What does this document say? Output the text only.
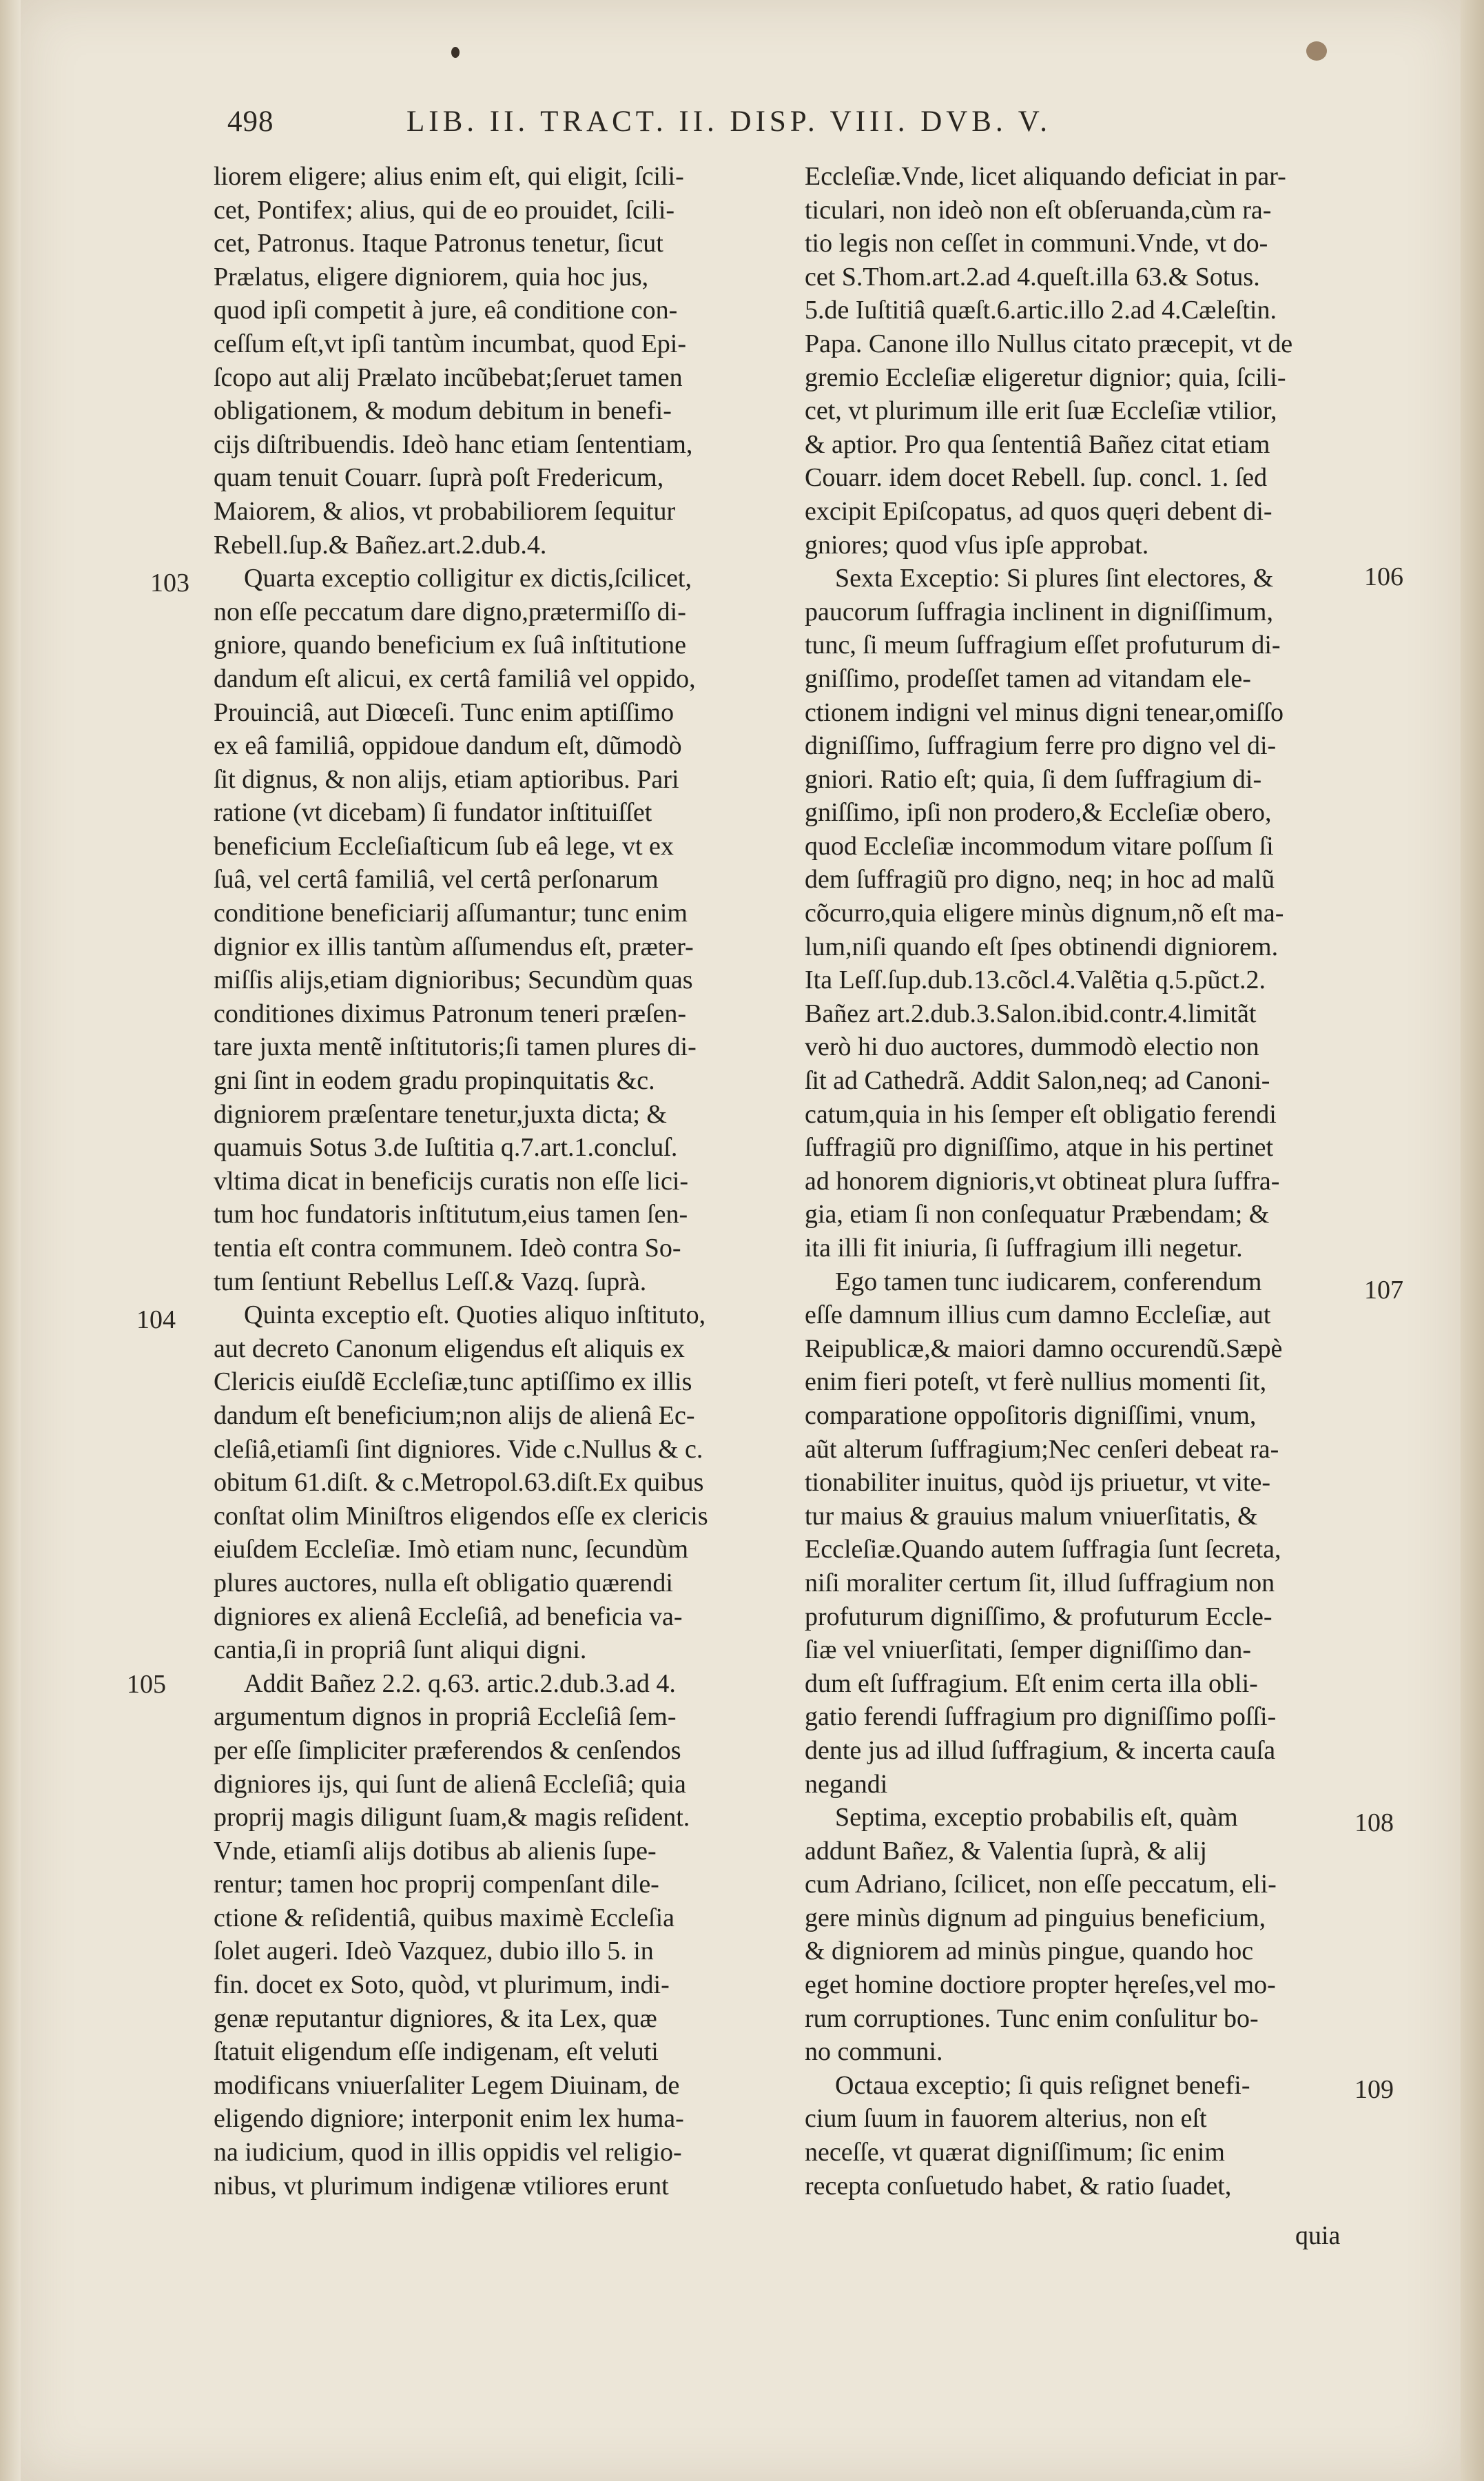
498	LIB. II. TRACT. II. DISP. VIII. DVB. V.
liorem eligere; alius enim eſt, qui eligit, ſcili-
cet, Pontifex; alius, qui de eo prouidet, ſcili-
cet, Patronus. Itaque Patronus tenetur, ſicut
Prælatus, eligere digniorem, quia hoc jus,
quod ipſi competit à jure, eâ conditione con-
ceſſum eſt,vt ipſi tantùm incumbat, quod Epi-
ſcopo aut alij Prælato incũbebat;ſeruet tamen
obligationem, & modum debitum in benefi-
cijs diſtribuendis. Ideò hanc etiam ſententiam,
quam tenuit Couarr. ſuprà poſt Fredericum,
Maiorem, & alios, vt probabiliorem ſequitur
Rebell.ſup.& Bañez.art.2.dub.4.
Quarta exceptio colligitur ex dictis,ſcilicet,
non eſſe peccatum dare digno,prætermiſſo di-
gniore, quando beneficium ex ſuâ inſtitutione
dandum eſt alicui, ex certâ familiâ vel oppido,
Prouinciâ, aut Diœceſi. Tunc enim aptiſſimo
ex eâ familiâ, oppidoue dandum eſt, dũmodò
ſit dignus, & non alijs, etiam aptioribus. Pari
ratione (vt dicebam) ſi fundator inſtituiſſet
beneficium Eccleſiaſticum ſub eâ lege, vt ex
ſuâ, vel certâ familiâ, vel certâ perſonarum
conditione beneficiarij aſſumantur; tunc enim
dignior ex illis tantùm aſſumendus eſt, præter-
miſſis alijs,etiam dignioribus; Secundùm quas
conditiones diximus Patronum teneri præſen-
tare juxta mentẽ inſtitutoris;ſi tamen plures di-
gni ſint in eodem gradu propinquitatis &c.
digniorem præſentare tenetur,juxta dicta; &
quamuis Sotus 3.de Iuſtitia q.7.art.1.concluſ.
vltima dicat in beneficijs curatis non eſſe lici-
tum hoc fundatoris inſtitutum,eius tamen ſen-
tentia eſt contra communem. Ideò contra So-
tum ſentiunt Rebellus Leſſ.& Vazq. ſuprà.
Quinta exceptio eſt. Quoties aliquo inſtituto,
aut decreto Canonum eligendus eſt aliquis ex
Clericis eiuſdẽ Eccleſiæ,tunc aptiſſimo ex illis
dandum eſt beneficium;non alijs de alienâ Ec-
cleſiâ,etiamſi ſint digniores. Vide c.Nullus & c.
obitum 61.diſt. & c.Metropol.63.diſt.Ex quibus
conſtat olim Miniſtros eligendos eſſe ex clericis
eiuſdem Eccleſiæ. Imò etiam nunc, ſecundùm
plures auctores, nulla eſt obligatio quærendi
digniores ex alienâ Eccleſiâ, ad beneficia va-
cantia,ſi in propriâ ſunt aliqui digni.
Addit Bañez 2.2. q.63. artic.2.dub.3.ad 4.
argumentum dignos in propriâ Eccleſiâ ſem-
per eſſe ſimpliciter præferendos & cenſendos
digniores ijs, qui ſunt de alienâ Eccleſiâ; quia
proprij magis diligunt ſuam,& magis reſident.
Vnde, etiamſi alijs dotibus ab alienis ſupe-
rentur; tamen hoc proprij compenſant dile-
ctione & reſidentiâ, quibus maximè Eccleſia
ſolet augeri. Ideò Vazquez, dubio illo 5. in
fin. docet ex Soto, quòd, vt plurimum, indi-
genæ reputantur digniores, & ita Lex, quæ
ſtatuit eligendum eſſe indigenam, eſt veluti
modificans vniuerſaliter Legem Diuinam, de
eligendo digniore; interponit enim lex huma-
na iudicium, quod in illis oppidis vel religio-
nibus, vt plurimum indigenæ vtiliores erunt
Eccleſiæ.Vnde, licet aliquando deficiat in par-
ticulari, non ideò non eſt obſeruanda,cùm ra-
tio legis non ceſſet in communi.Vnde, vt do-
cet S.Thom.art.2.ad 4.queſt.illa 63.& Sotus.
5.de Iuſtitiâ quæſt.6.artic.illo 2.ad 4.Cæleſtin.
Papa. Canone illo Nullus citato præcepit, vt de
gremio Eccleſiæ eligeretur dignior; quia, ſcili-
cet, vt plurimum ille erit ſuæ Eccleſiæ vtilior,
& aptior. Pro qua ſententiâ Bañez citat etiam
Couarr. idem docet Rebell. ſup. concl. 1. ſed
excipit Epiſcopatus, ad quos quęri debent di-
gniores; quod vſus ipſe approbat.
Sexta Exceptio: Si plures ſint electores, &
paucorum ſuffragia inclinent in digniſſimum,
tunc, ſi meum ſuffragium eſſet profuturum di-
gniſſimo, prodeſſet tamen ad vitandam ele-
ctionem indigni vel minus digni tenear,omiſſo
digniſſimo, ſuffragium ferre pro digno vel di-
gniori. Ratio eſt; quia, ſi dem ſuffragium di-
gniſſimo, ipſi non prodero,& Eccleſiæ obero,
quod Eccleſiæ incommodum vitare poſſum ſi
dem ſuffragiũ pro digno, neq; in hoc ad malũ
cõcurro,quia eligere minùs dignum,nõ eſt ma-
lum,niſi quando eſt ſpes obtinendi digniorem.
Ita Leſſ.ſup.dub.13.cõcl.4.Valẽtia q.5.pũct.2.
Bañez art.2.dub.3.Salon.ibid.contr.4.limitãt
verò hi duo auctores, dummodò electio non
ſit ad Cathedrã. Addit Salon,neq; ad Canoni-
catum,quia in his ſemper eſt obligatio ferendi
ſuffragiũ pro digniſſimo, atque in his pertinet
ad honorem dignioris,vt obtineat plura ſuffra-
gia, etiam ſi non conſequatur Præbendam; &
ita illi fit iniuria, ſi ſuffragium illi negetur.
Ego tamen tunc iudicarem, conferendum
eſſe damnum illius cum damno Eccleſiæ, aut
Reipublicæ,& maiori damno occurendũ.Sæpè
enim fieri poteſt, vt ferè nullius momenti ſit,
comparatione oppoſitoris digniſſimi, vnum,
aũt alterum ſuffragium;Nec cenſeri debeat ra-
tionabiliter inuitus, quòd ijs priuetur, vt vite-
tur maius & grauius malum vniuerſitatis, &
Eccleſiæ.Quando autem ſuffragia ſunt ſecreta,
niſi moraliter certum ſit, illud ſuffragium non
profuturum digniſſimo, & profuturum Eccle-
ſiæ vel vniuerſitati, ſemper digniſſimo dan-
dum eſt ſuffragium. Eſt enim certa illa obli-
gatio ferendi ſuffragium pro digniſſimo poſſi-
dente jus ad illud ſuffragium, & incerta cauſa
negandi
Septima, exceptio probabilis eſt, quàm
addunt Bañez, & Valentia ſuprà, & alij
cum Adriano, ſcilicet, non eſſe peccatum, eli-
gere minùs dignum ad pinguius beneficium,
& digniorem ad minùs pingue, quando hoc
eget homine doctiore propter hęreſes,vel mo-
rum corruptiones. Tunc enim conſulitur bo-
no communi.
Octaua exceptio; ſi quis reſignet benefi-
cium ſuum in fauorem alterius, non eſt
neceſſe, vt quærat digniſſimum; ſic enim
recepta conſuetudo habet, & ratio ſuadet,
103
104
105
106
107
108
109
quia
